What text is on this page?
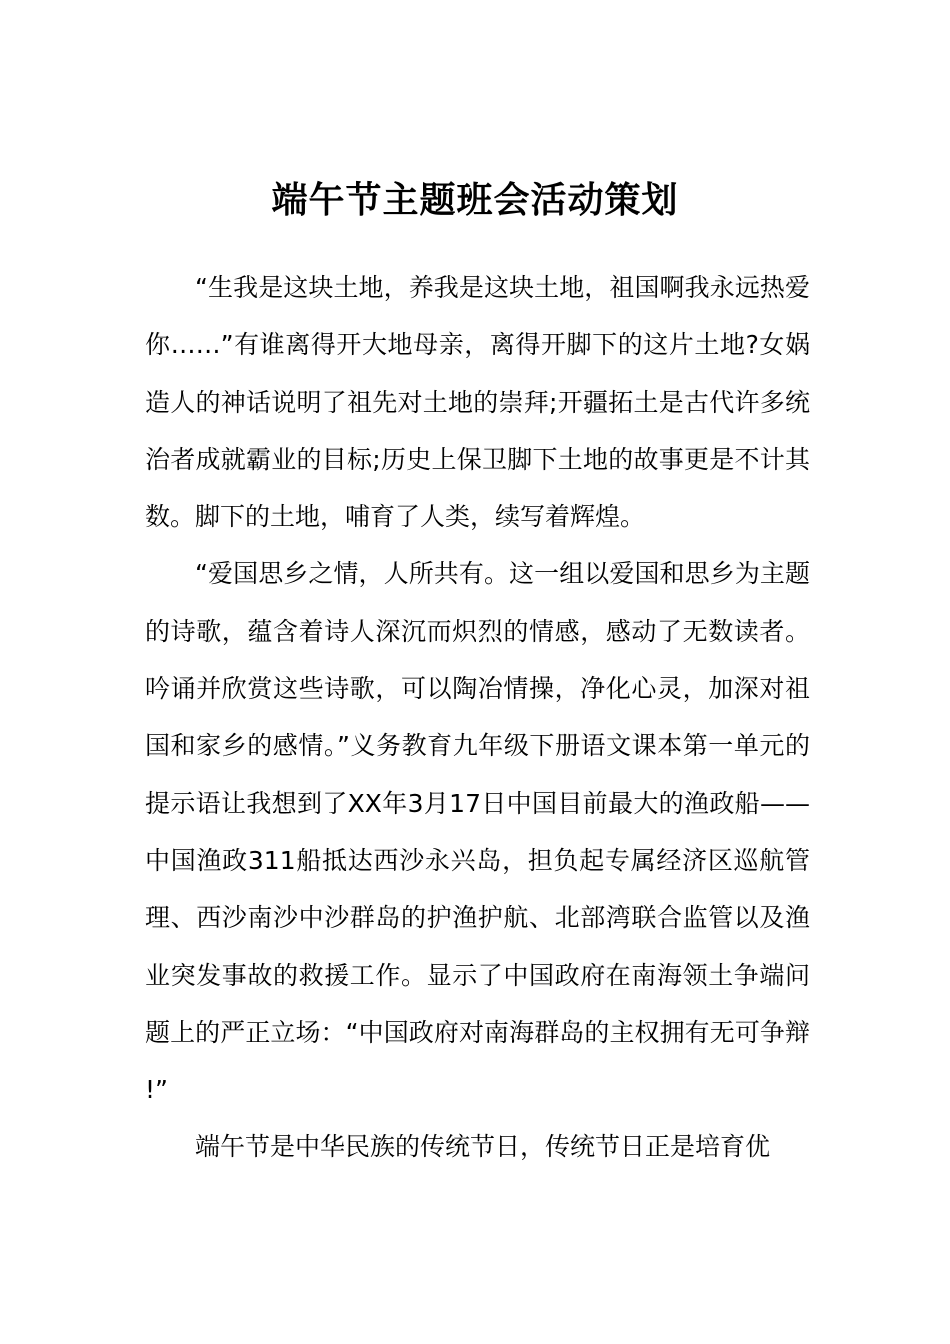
端午节主题班会活动策划

“生我是这块土地，养我是这块土地，祖国啊我永远热爱你……”有谁离得开大地母亲，离得开脚下的这片土地?女娲造人的神话说明了祖先对土地的崇拜;开疆拓土是古代许多统治者成就霸业的目标;历史上保卫脚下土地的故事更是不计其数。脚下的土地，哺育了人类，续写着辉煌。

“爱国思乡之情，人所共有。这一组以爱国和思乡为主题的诗歌，蕴含着诗人深沉而炽烈的情感，感动了无数读者。吟诵并欣赏这些诗歌，可以陶冶情操，净化心灵，加深对祖国和家乡的感情。”义务教育九年级下册语文课本第一单元的提示语让我想到了XX年3月17日中国目前最大的渔政船——中国渔政311船抵达西沙永兴岛，担负起专属经济区巡航管理、西沙南沙中沙群岛的护渔护航、北部湾联合监管以及渔业突发事故的救援工作。显示了中国政府在南海领土争端问题上的严正立场：“中国政府对南海群岛的主权拥有无可争辩!”

端午节是中华民族的传统节日，传统节日正是培育优
